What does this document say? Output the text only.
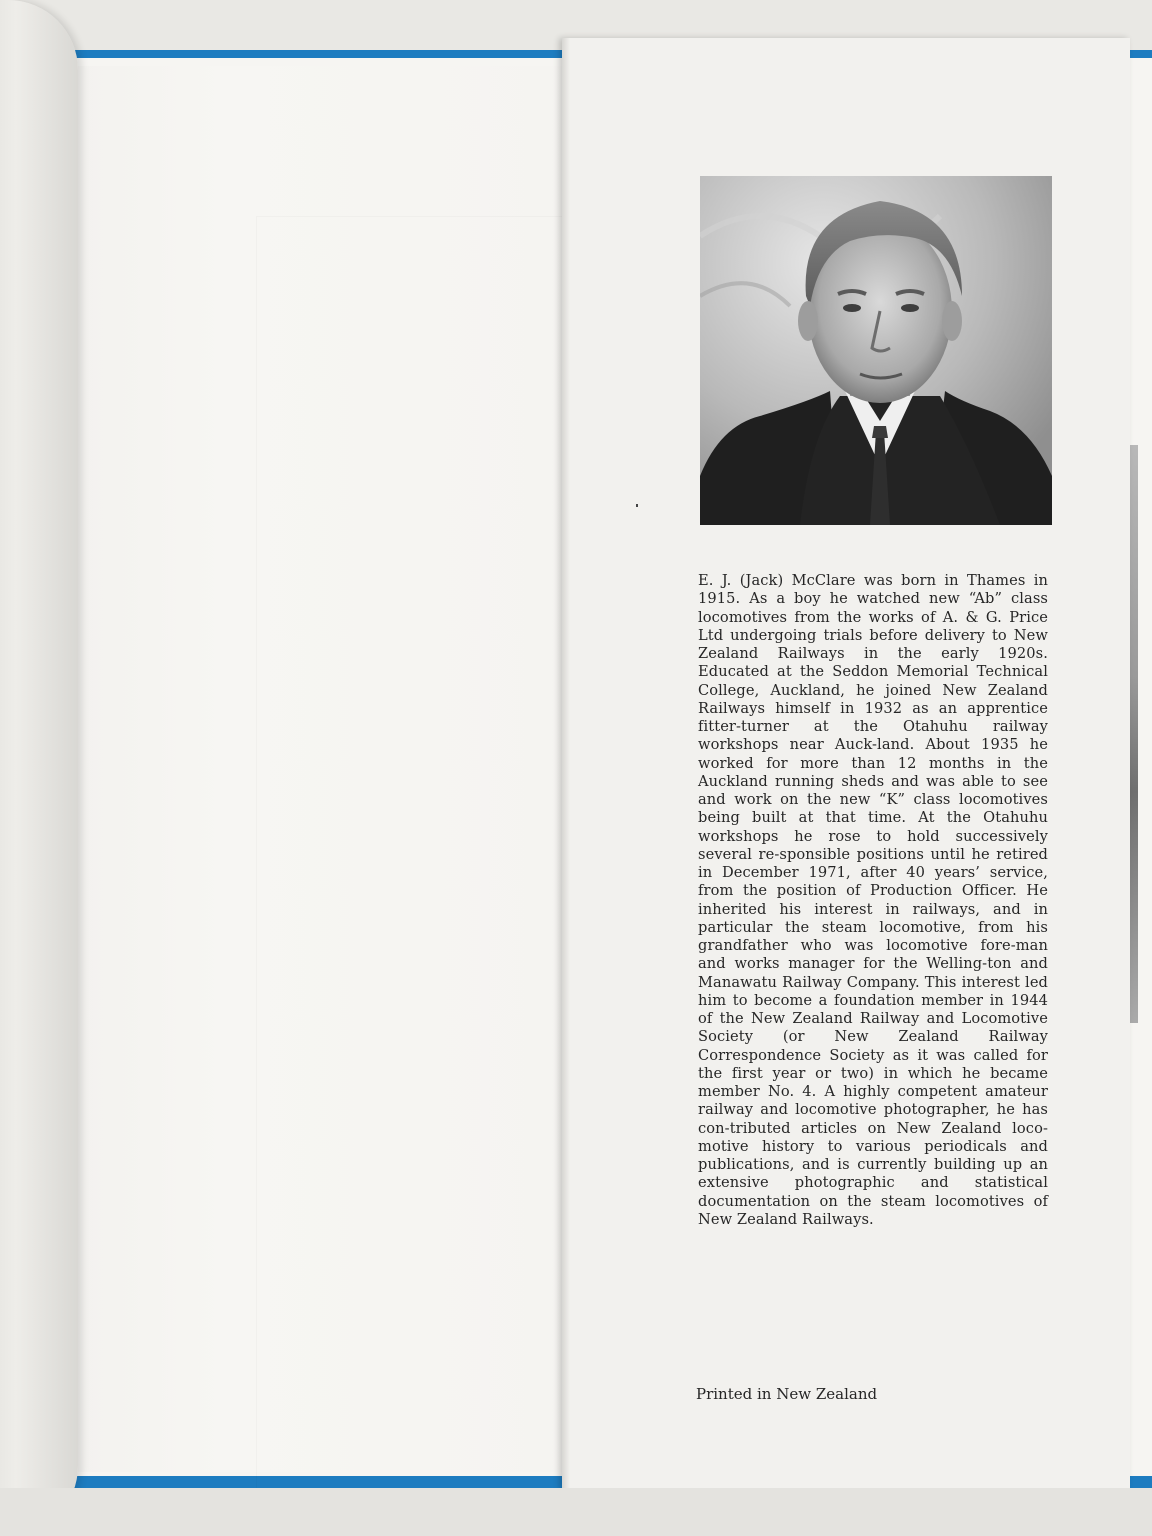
E. J. (Jack) McClare was born in Thames in 1915. As a boy he watched new “Ab” class locomotives from the works of A. & G. Price Ltd undergoing trials before delivery to New Zealand Railways in the early 1920s. Educated at the Seddon Memorial Technical College, Auckland, he joined New Zealand Railways himself in 1932 as an apprentice fitter-turner at the Otahuhu railway workshops near Auck-land. About 1935 he worked for more than 12 months in the Auckland running sheds and was able to see and work on the new “K” class locomotives being built at that time. At the Otahuhu workshops he rose to hold successively several re-sponsible positions until he retired in December 1971, after 40 years’ service, from the position of Production Officer. He inherited his interest in railways, and in particular the steam locomotive, from his grandfather who was locomotive fore-man and works manager for the Welling-ton and Manawatu Railway Company. This interest led him to become a foundation member in 1944 of the New Zealand Railway and Locomotive Society (or New Zealand Railway Correspondence Society as it was called for the first year or two) in which he became member No. 4. A highly competent amateur railway and locomotive photographer, he has con-tributed articles on New Zealand loco-motive history to various periodicals and publications, and is currently building up an extensive photographic and statistical documentation on the steam locomotives of New Zealand Railways.

Printed in New Zealand
